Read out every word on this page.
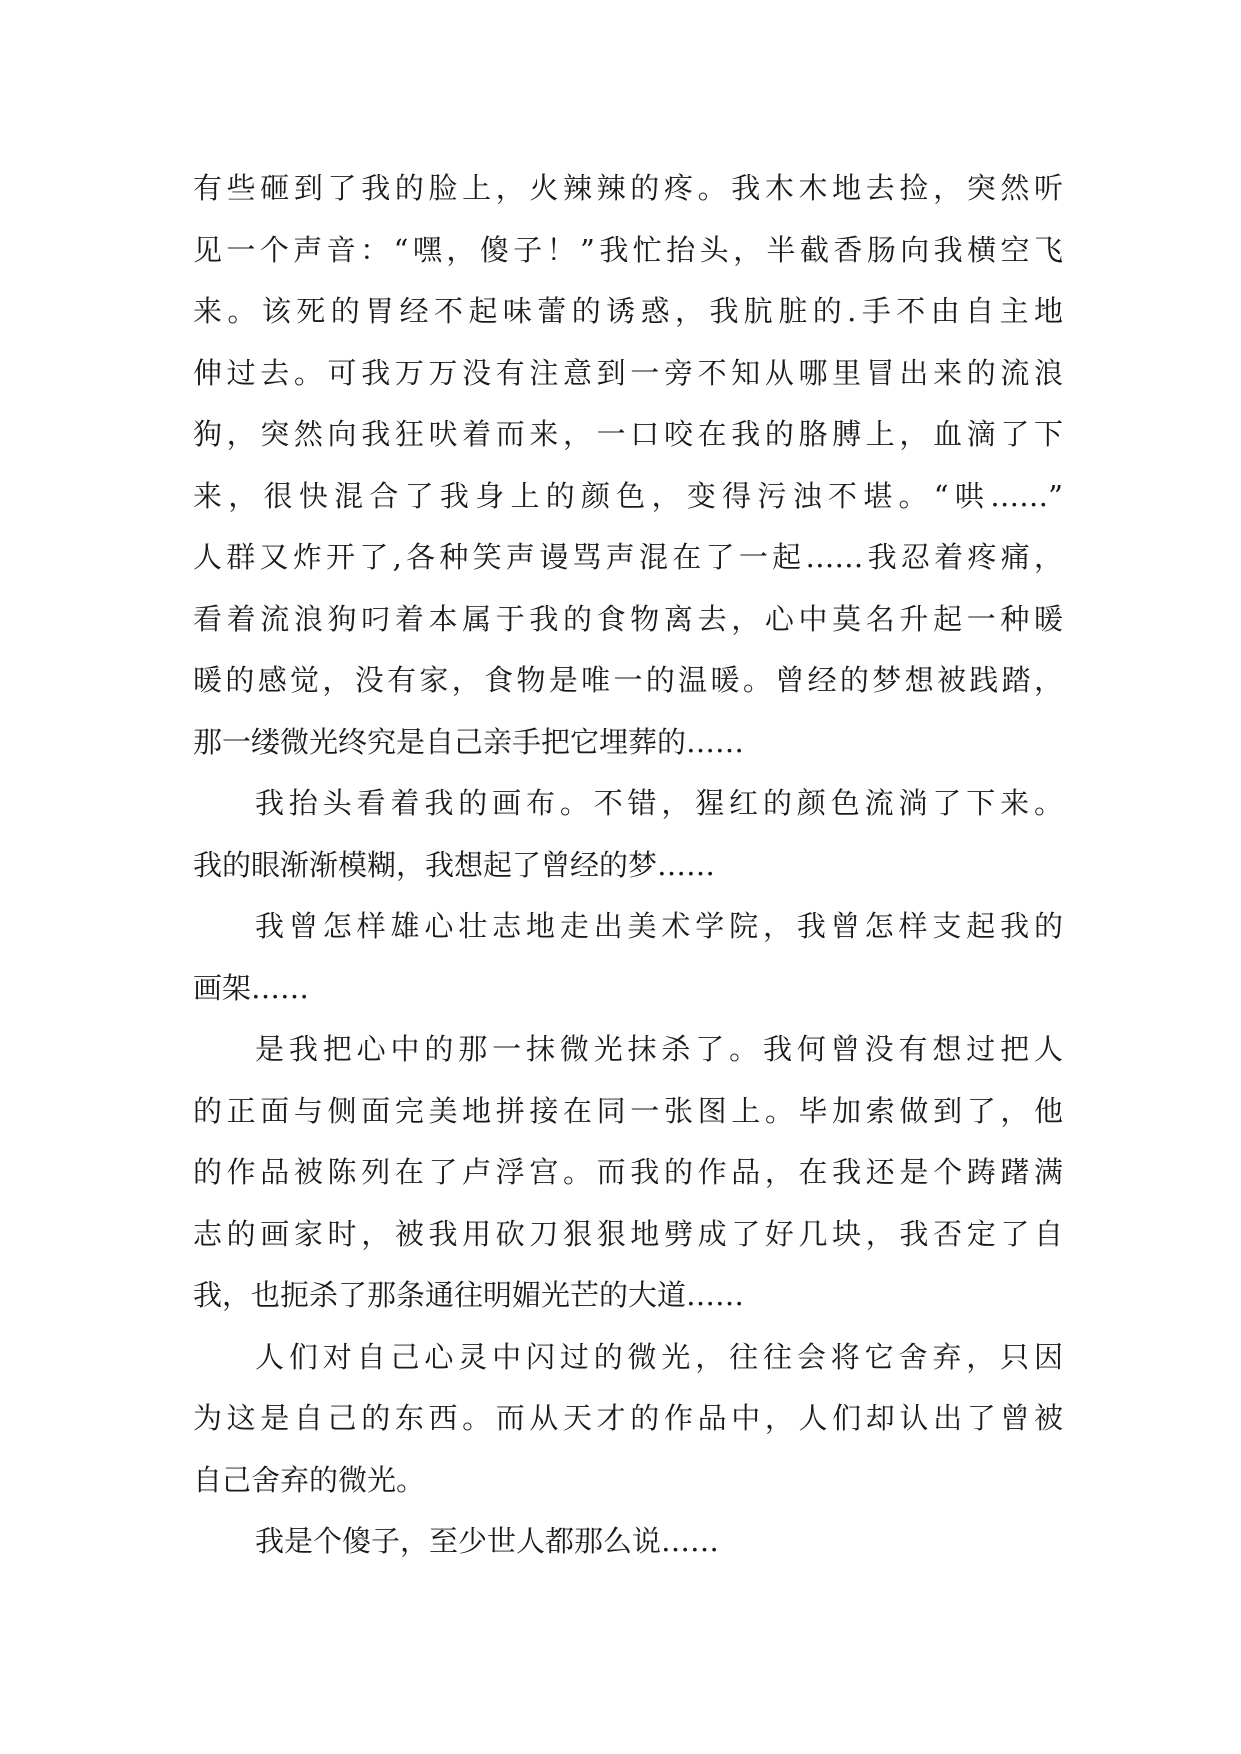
有些砸到了我的脸上，火辣辣的疼。我木木地去捡，突然听
见一个声音：“嘿，傻子！”我忙抬头，半截香肠向我横空飞
来。该死的胃经不起味蕾的诱惑，我肮脏的.手不由自主地
伸过去。可我万万没有注意到一旁不知从哪里冒出来的流浪
狗，突然向我狂吠着而来，一口咬在我的胳膊上，血滴了下
来，很快混合了我身上的颜色，变得污浊不堪。“哄……”
人群又炸开了,各种笑声谩骂声混在了一起……我忍着疼痛，
看着流浪狗叼着本属于我的食物离去，心中莫名升起一种暖
暖的感觉，没有家，食物是唯一的温暖。曾经的梦想被践踏，
那一缕微光终究是自己亲手把它埋葬的……
我抬头看着我的画布。不错，猩红的颜色流淌了下来。
我的眼渐渐模糊，我想起了曾经的梦……
我曾怎样雄心壮志地走出美术学院，我曾怎样支起我的
画架……
是我把心中的那一抹微光抹杀了。我何曾没有想过把人
的正面与侧面完美地拼接在同一张图上。毕加索做到了，他
的作品被陈列在了卢浮宫。而我的作品，在我还是个踌躇满
志的画家时，被我用砍刀狠狠地劈成了好几块，我否定了自
我，也扼杀了那条通往明媚光芒的大道……
人们对自己心灵中闪过的微光，往往会将它舍弃，只因
为这是自己的东西。而从天才的作品中，人们却认出了曾被
自己舍弃的微光。
我是个傻子，至少世人都那么说……
